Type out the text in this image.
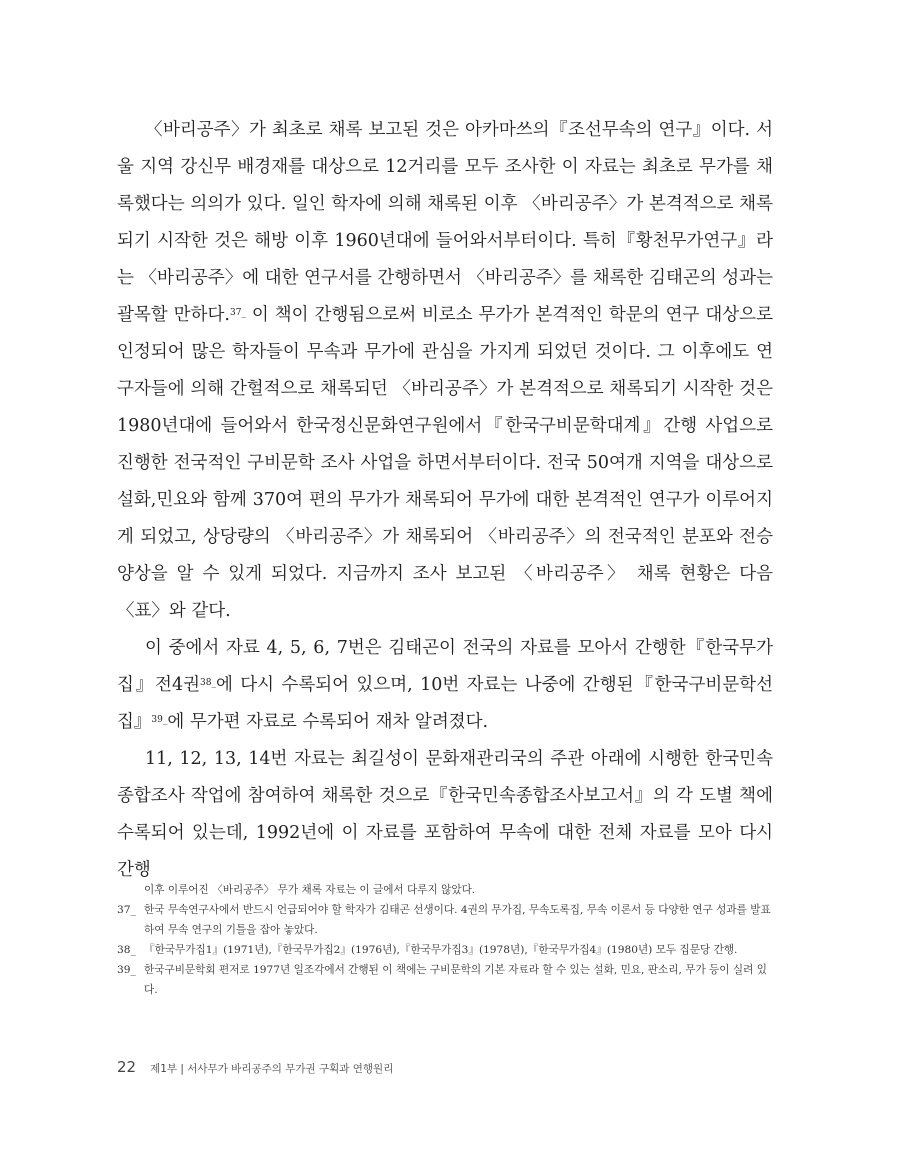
〈바리공주〉가 최초로 채록 보고된 것은 아카마쓰의『조선무속의 연구』이다. 서울 지역 강신무 배경재를 대상으로 12거리를 모두 조사한 이 자료는 최초로 무가를 채록했다는 의의가 있다. 일인 학자에 의해 채록된 이후 〈바리공주〉가 본격적으로 채록되기 시작한 것은 해방 이후 1960년대에 들어와서부터이다. 특히『황천무가연구』라는 〈바리공주〉에 대한 연구서를 간행하면서 〈바리공주〉를 채록한 김태곤의 성과는 괄목할 만하다.$^{37\_}$ 이 책이 간행됨으로써 비로소 무가가 본격적인 학문의 연구 대상으로 인정되어 많은 학자들이 무속과 무가에 관심을 가지게 되었던 것이다. 그 이후에도 연구자들에 의해 간헐적으로 채록되던 〈바리공주〉가 본격적으로 채록되기 시작한 것은 1980년대에 들어와서 한국정신문화연구원에서『한국구비문학대계』간행 사업으로 진행한 전국적인 구비문학 조사 사업을 하면서부터이다. 전국 50여개 지역을 대상으로 설화,민요와 함께 370여 편의 무가가 채록되어 무가에 대한 본격적인 연구가 이루어지게 되었고, 상당량의 〈바리공주〉가 채록되어 〈바리공주〉의 전국적인 분포와 전승양상을 알 수 있게 되었다. 지금까지 조사 보고된 〈바리공주〉 채록 현황은 다음 〈표〉와 같다.

이 중에서 자료 4, 5, 6, 7번은 김태곤이 전국의 자료를 모아서 간행한『한국무가집』전4권$^{38\_}$에 다시 수록되어 있으며, 10번 자료는 나중에 간행된『한국구비문학선집』$^{39\_}$에 무가편 자료로 수록되어 재차 알려졌다.

11, 12, 13, 14번 자료는 최길성이 문화재관리국의 주관 아래에 시행한 한국민속종합조사 작업에 참여하여 채록한 것으로『한국민속종합조사보고서』의 각 도별 책에 수록되어 있는데, 1992년에 이 자료를 포함하여 무속에 대한 전체 자료를 모아 다시 간행

이후 이루어진 〈바리공주〉 무가 채록 자료는 이 글에서 다루지 않았다.
37_ 한국 무속연구사에서 반드시 언급되어야 할 학자가 김태곤 선생이다. 4권의 무가집, 무속도록집, 무속 이론서 등 다양한 연구 성과를 발표하여 무속 연구의 기틀을 잡아 놓았다.
38_ 『한국무가집1』(1971년),『한국무가집2』(1976년),『한국무가집3』(1978년),『한국무가집4』(1980년) 모두 집문당 간행.
39_ 한국구비문학회 편저로 1977년 일조각에서 간행된 이 책에는 구비문학의 기본 자료라 할 수 있는 설화, 민요, 판소리, 무가 등이 실려 있다.
22 제1부 | 서사무가 바리공주의 무가권 구획과 연행원리
